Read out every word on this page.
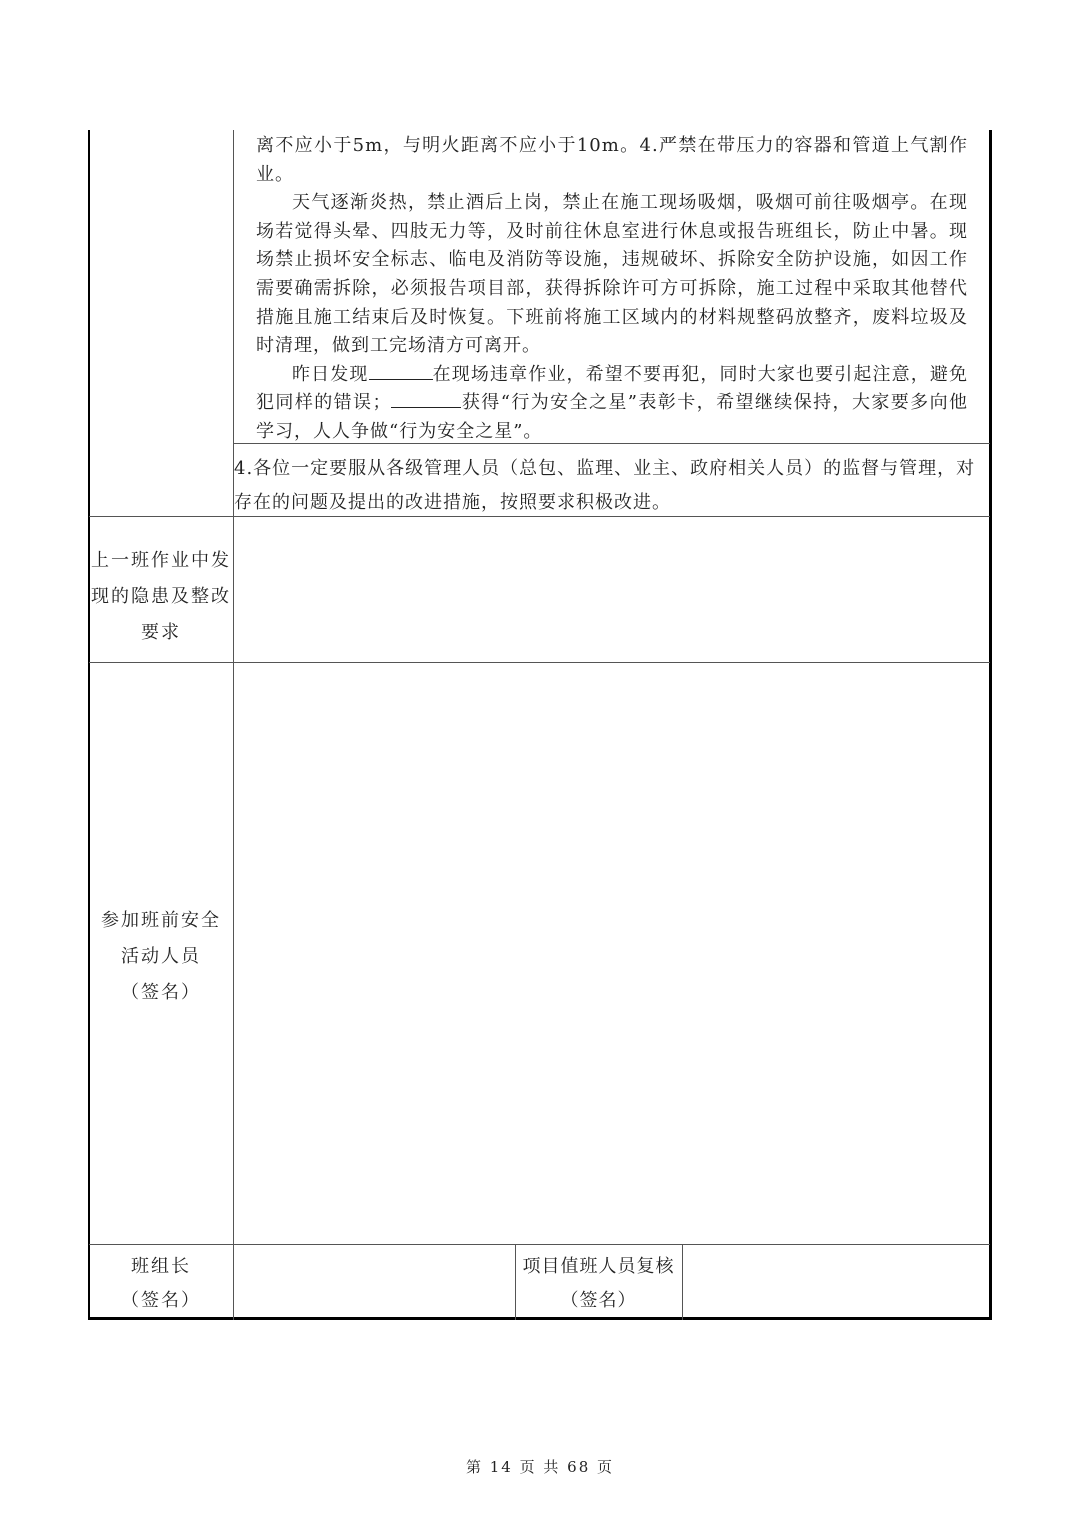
离不应小于5m，与明火距离不应小于10m。4.严禁在带压力的容器和管道上气割作业。

天气逐渐炎热，禁止酒后上岗，禁止在施工现场吸烟，吸烟可前往吸烟亭。在现场若觉得头晕、四肢无力等，及时前往休息室进行休息或报告班组长，防止中暑。现场禁止损坏安全标志、临电及消防等设施，违规破坏、拆除安全防护设施，如因工作需要确需拆除，必须报告项目部，获得拆除许可方可拆除，施工过程中采取其他替代措施且施工结束后及时恢复。下班前将施工区域内的材料规整码放整齐，废料垃圾及时清理，做到工完场清方可离开。

昨日发现	在现场违章作业，希望不要再犯，同时大家也要引起注意，避免犯同样的错误；	获得“行为安全之星”表彰卡，希望继续保持，大家要多向他学习，人人争做“行为安全之星”。

4.各位一定要服从各级管理人员（总包、监理、业主、政府相关人员）的监督与管理，对存在的问题及提出的改进措施，按照要求积极改进。
上一班作业中发
现的隐患及整改
要求
参加班前安全
活动人员
（签名）
班组长
（签名）
项目值班人员复核
（签名）
第 14 页 共 68 页
